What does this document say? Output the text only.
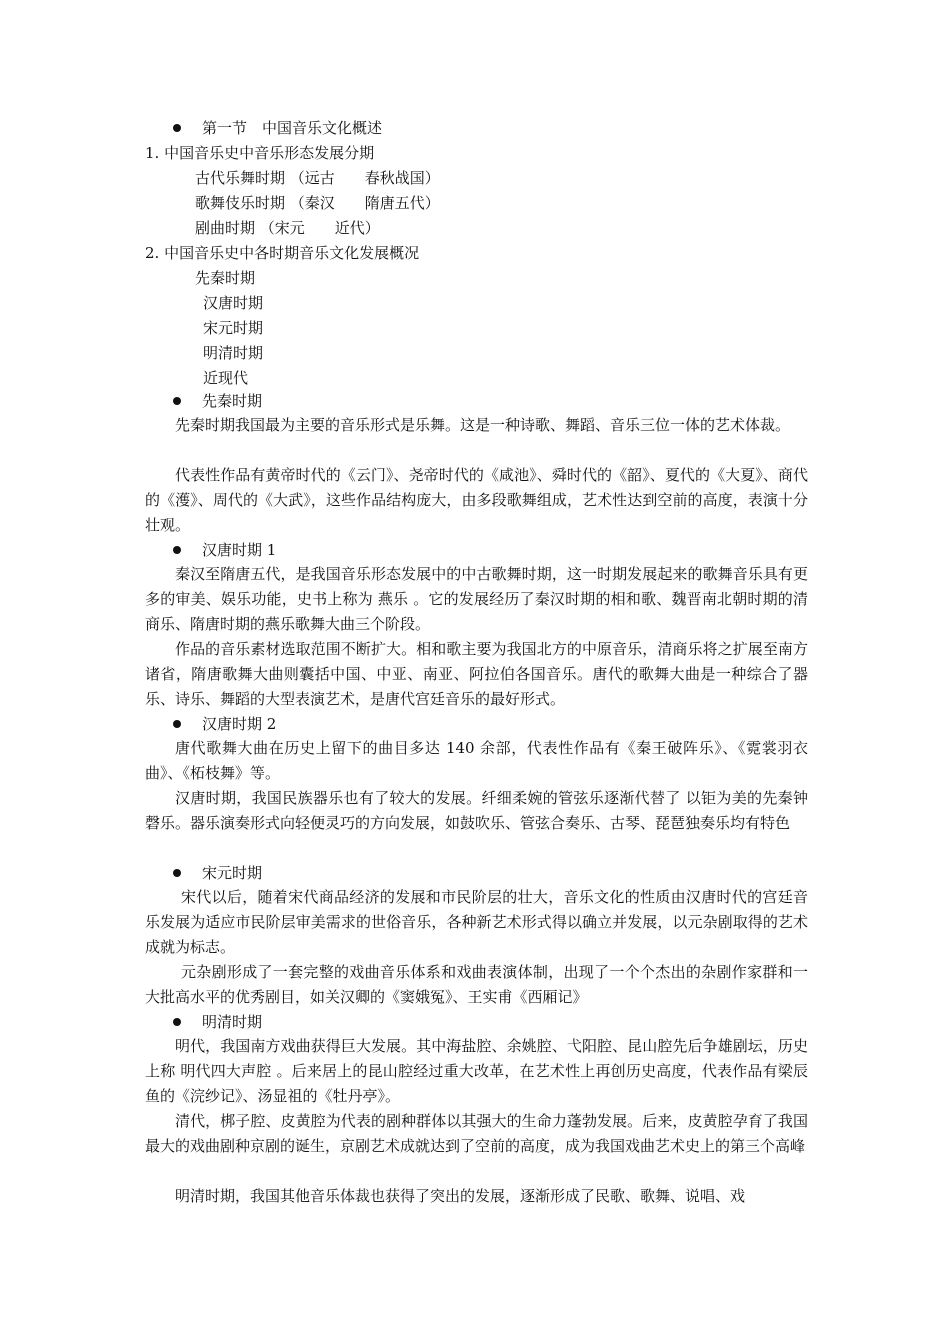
第一节　中国音乐文化概述
1. 中国音乐史中音乐形态发展分期
古代乐舞时期 （远古　　春秋战国）
歌舞伎乐时期 （秦汉　　隋唐五代）
剧曲时期 （宋元　　近代）
2. 中国音乐史中各时期音乐文化发展概况
先秦时期
汉唐时期
宋元时期
明清时期
近现代
先秦时期

先秦时期我国最为主要的音乐形式是乐舞。这是一种诗歌、舞蹈、音乐三位一体的艺术体裁。

代表性作品有黄帝时代的《云门》、尧帝时代的《咸池》、舜时代的《韶》、夏代的《大夏》、商代的《濩》、周代的《大武》，这些作品结构庞大，由多段歌舞组成，艺术性达到空前的高度，表演十分壮观。

汉唐时期 1

秦汉至隋唐五代，是我国音乐形态发展中的中古歌舞时期，这一时期发展起来的歌舞音乐具有更多的审美、娱乐功能，史书上称为 燕乐 。它的发展经历了秦汉时期的相和歌、魏晋南北朝时期的清商乐、隋唐时期的燕乐歌舞大曲三个阶段。

作品的音乐素材选取范围不断扩大。相和歌主要为我国北方的中原音乐，清商乐将之扩展至南方诸省，隋唐歌舞大曲则囊括中国、中亚、南亚、阿拉伯各国音乐。唐代的歌舞大曲是一种综合了器乐、诗乐、舞蹈的大型表演艺术，是唐代宫廷音乐的最好形式。

汉唐时期 2

唐代歌舞大曲在历史上留下的曲目多达 140 余部，代表性作品有《秦王破阵乐》、《霓裳羽衣曲》、《柘枝舞》等。

汉唐时期，我国民族器乐也有了较大的发展。纤细柔婉的管弦乐逐渐代替了 以钜为美的先秦钟磬乐。器乐演奏形式向轻便灵巧的方向发展，如鼓吹乐、管弦合奏乐、古琴、琵琶独奏乐均有特色

宋元时期

宋代以后，随着宋代商品经济的发展和市民阶层的壮大，音乐文化的性质由汉唐时代的宫廷音乐发展为适应市民阶层审美需求的世俗音乐，各种新艺术形式得以确立并发展，以元杂剧取得的艺术成就为标志。

元杂剧形成了一套完整的戏曲音乐体系和戏曲表演体制，出现了一个个杰出的杂剧作家群和一大批高水平的优秀剧目，如关汉卿的《窦娥冤》、王实甫《西厢记》

明清时期

明代，我国南方戏曲获得巨大发展。其中海盐腔、余姚腔、弋阳腔、昆山腔先后争雄剧坛，历史上称 明代四大声腔 。后来居上的昆山腔经过重大改革，在艺术性上再创历史高度，代表作品有梁辰鱼的《浣纱记》、汤显祖的《牡丹亭》。

清代，梆子腔、皮黄腔为代表的剧种群体以其强大的生命力蓬勃发展。后来，皮黄腔孕育了我国最大的戏曲剧种京剧的诞生，京剧艺术成就达到了空前的高度，成为我国戏曲艺术史上的第三个高峰

明清时期，我国其他音乐体裁也获得了突出的发展，逐渐形成了民歌、歌舞、说唱、戏
